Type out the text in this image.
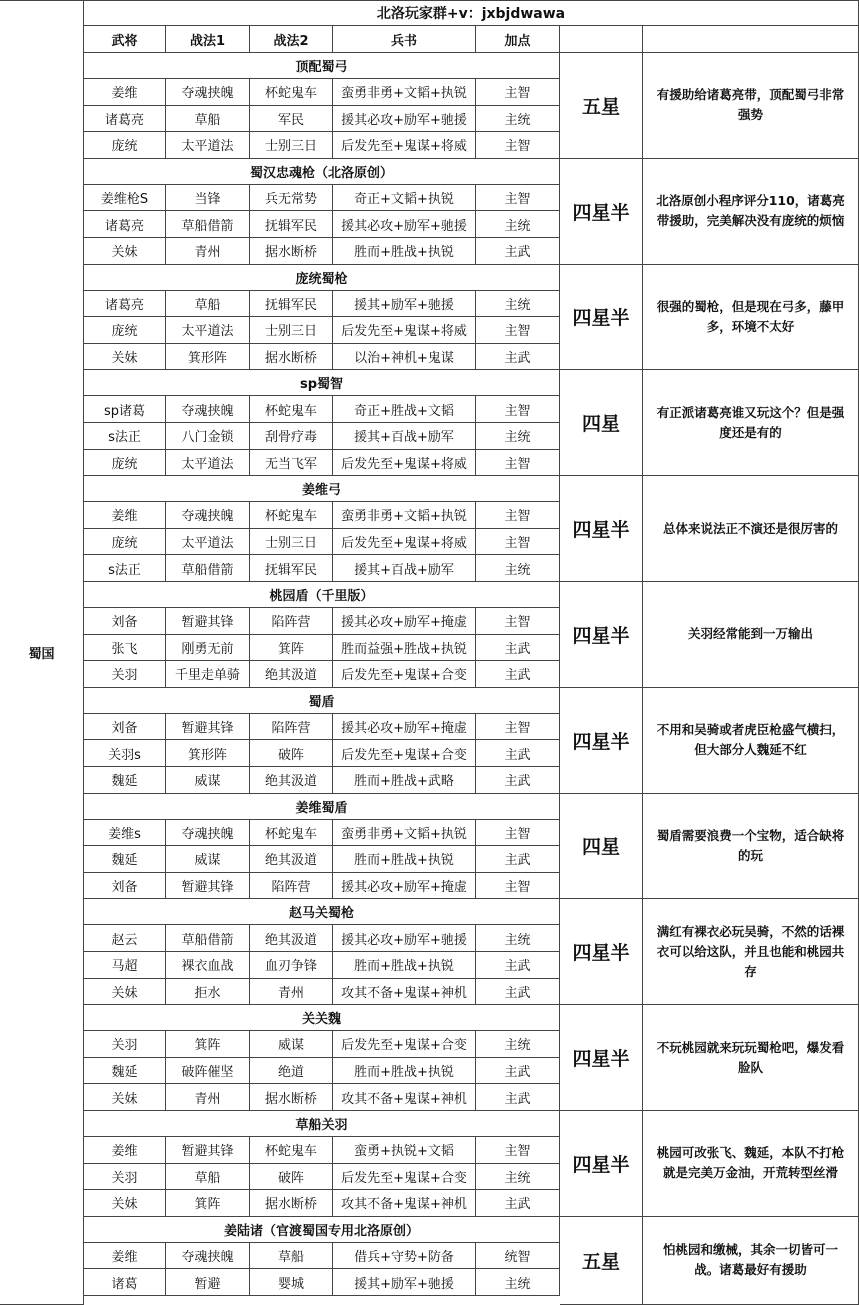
蜀国
北洛玩家群+v：jxbjdwawa
武将	战法1	战法2	兵书	加点
顶配蜀弓
姜维	夺魂挟魄	杯蛇鬼车	蛮勇非勇+文韬+执锐	主智
诸葛亮	草船	军民	援其必攻+励军+驰援	主统
庞统	太平道法	士别三日	后发先至+鬼谋+将威	主智
五星
有援助给诸葛亮带，顶配蜀弓非常强势
蜀汉忠魂枪（北洛原创）
姜维枪S	当锋	兵无常势	奇正+文韬+执锐	主智
诸葛亮	草船借箭	抚辑军民	援其必攻+励军+驰援	主统
关妹	青州	据水断桥	胜而+胜战+执锐	主武
四星半
北洛原创小程序评分110，诸葛亮带援助，完美解决没有庞统的烦恼
庞统蜀枪
诸葛亮	草船	抚辑军民	援其+励军+驰援	主统
庞统	太平道法	士别三日	后发先至+鬼谋+将威	主智
关妹	箕形阵	据水断桥	以治+神机+鬼谋	主武
四星半
很强的蜀枪，但是现在弓多，藤甲多，环境不太好
sp蜀智
sp诸葛	夺魂挟魄	杯蛇鬼车	奇正+胜战+文韬	主智
s法正	八门金锁	刮骨疗毒	援其+百战+励军	主统
庞统	太平道法	无当飞军	后发先至+鬼谋+将威	主智
四星
有正派诸葛亮谁又玩这个？但是强度还是有的
姜维弓
姜维	夺魂挟魄	杯蛇鬼车	蛮勇非勇+文韬+执锐	主智
庞统	太平道法	士别三日	后发先至+鬼谋+将威	主智
s法正	草船借箭	抚辑军民	援其+百战+励军	主统
四星半	总体来说法正不演还是很厉害的
桃园盾（千里版）
刘备	暂避其锋	陷阵营	援其必攻+励军+掩虚	主智
张飞	刚勇无前	箕阵	胜而益强+胜战+执锐	主武
关羽	千里走单骑	绝其汲道	后发先至+鬼谋+合变	主武
四星半	关羽经常能到一万输出
蜀盾
刘备	暂避其锋	陷阵营	援其必攻+励军+掩虚	主智
关羽s	箕形阵	破阵	后发先至+鬼谋+合变	主武
魏延	威谋	绝其汲道	胜而+胜战+武略	主武
四星半
不用和吴骑或者虎臣枪盛气横扫，但大部分人魏延不红
姜维蜀盾
姜维s	夺魂挟魄	杯蛇鬼车	蛮勇非勇+文韬+执锐	主智
魏延	威谋	绝其汲道	胜而+胜战+执锐	主武
刘备	暂避其锋	陷阵营	援其必攻+励军+掩虚	主智
四星
蜀盾需要浪费一个宝物，适合缺将的玩
赵马关蜀枪
赵云	草船借箭	绝其汲道	援其必攻+励军+驰援	主统
马超	裸衣血战	血刃争锋	胜而+胜战+执锐	主武
关妹	拒水	青州	攻其不备+鬼谋+神机	主武
四星半
满红有裸衣必玩吴骑，不然的话裸衣可以给这队，并且也能和桃园共存
关关魏
关羽	箕阵	威谋	后发先至+鬼谋+合变	主统
魏延	破阵催坚	绝道	胜而+胜战+执锐	主武
关妹	青州	据水断桥	攻其不备+鬼谋+神机	主武
四星半
不玩桃园就来玩玩蜀枪吧，爆发看脸队
草船关羽
姜维	暂避其锋	杯蛇鬼车	蛮勇+执锐+文韬	主智
关羽	草船	破阵	后发先至+鬼谋+合变	主统
关妹	箕阵	据水断桥	攻其不备+鬼谋+神机	主武
四星半
桃园可改张飞、魏延，本队不打枪就是完美万金油，开荒转型丝滑
姜陆诸（官渡蜀国专用北洛原创）
姜维	夺魂挟魄	草船	借兵+守势+防备	统智
诸葛	暂避	婴城	援其+励军+驰援	主统
五星
怕桃园和缴械，其余一切皆可一战。诸葛最好有援助
